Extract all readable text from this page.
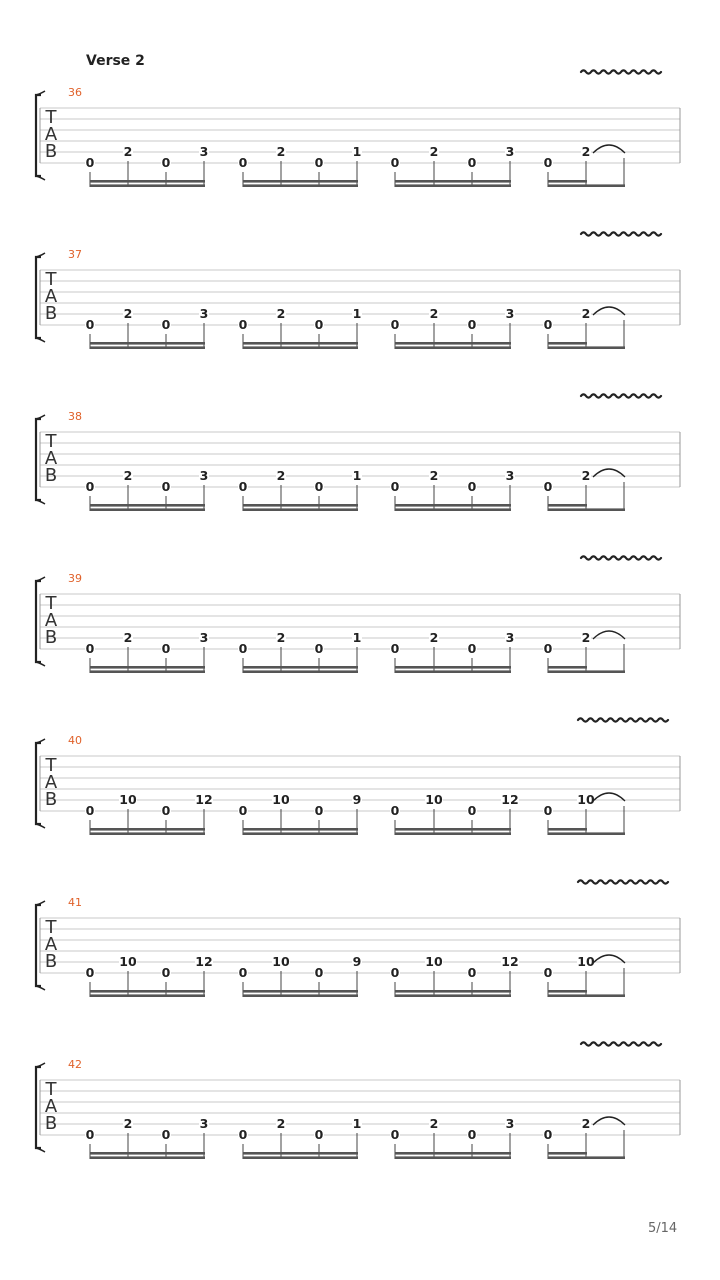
Verse 2
T
A
B
36
0
2
0
3
0
2
0
1
0
2
0
3
0
2
T
A
B
37
0
2
0
3
0
2
0
1
0
2
0
3
0
2
T
A
B
38
0
2
0
3
0
2
0
1
0
2
0
3
0
2
T
A
B
39
0
2
0
3
0
2
0
1
0
2
0
3
0
2
T
A
B
40
0
10
0
12
0
10
0
9
0
10
0
12
0
10
T
A
B
41
0
10
0
12
0
10
0
9
0
10
0
12
0
10
T
A
B
42
0
2
0
3
0
2
0
1
0
2
0
3
0
2
5/14
